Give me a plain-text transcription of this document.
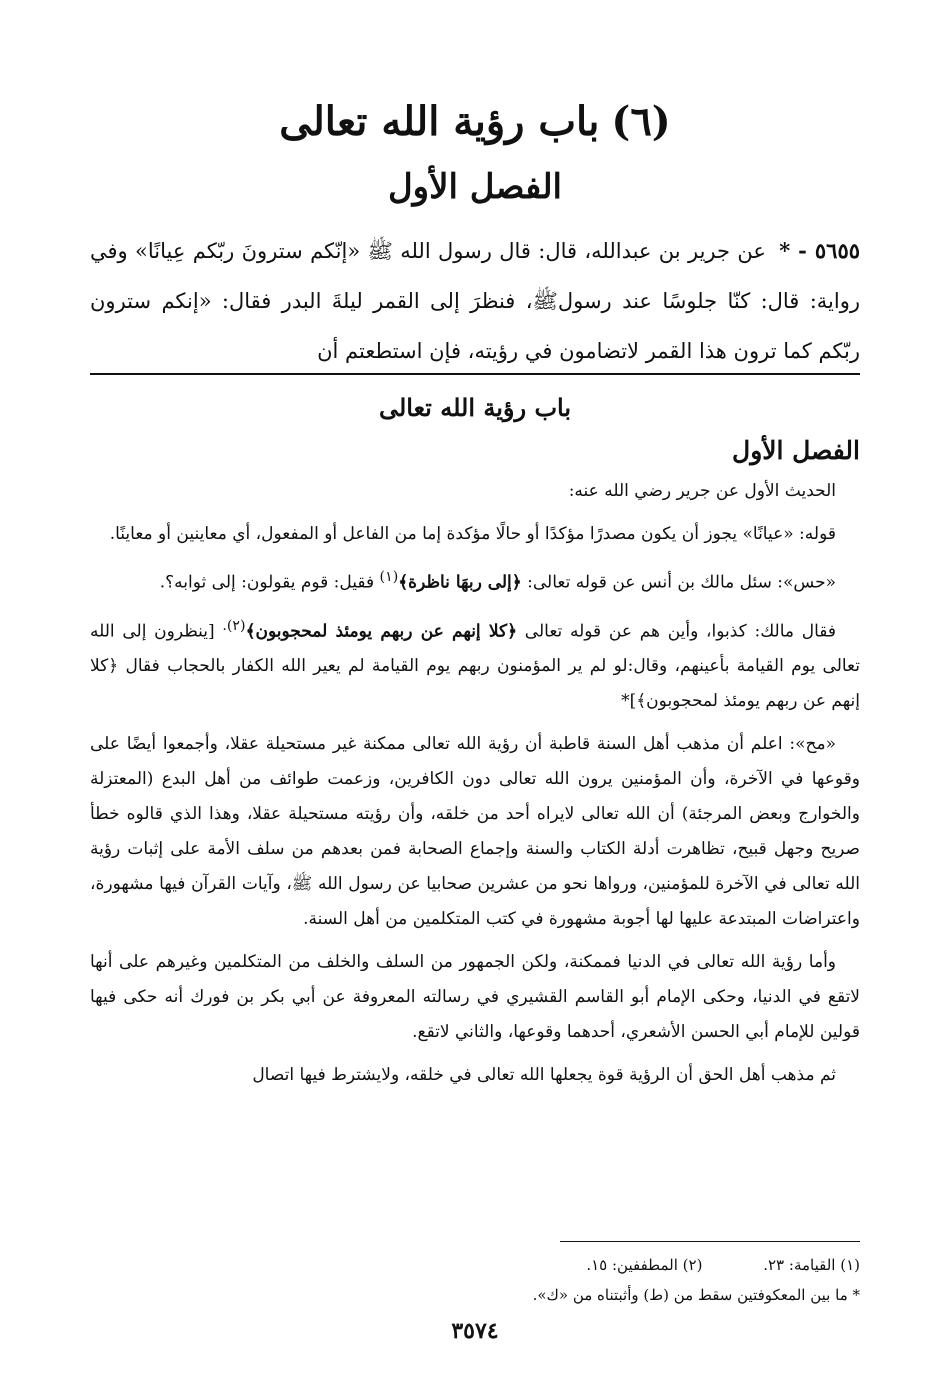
(٦)باب رؤية الله تعالى
الفصل الأول
٥٦٥٥ - * عن جرير بن عبدالله، قال: قال رسول الله ﷺ «إنّكم سترونَ ربّكم عِيانًا» وفي رواية: قال: كنّا جلوسًا عند رسولﷺ، فنظرَ إلى القمر ليلةَ البدر فقال: «إنكم سترون ربّكم كما ترون هذا القمر لاتضامون في رؤيته، فإن استطعتم أن
باب رؤية الله تعالى
الفصل الأول

الحديث الأول عن جرير رضي الله عنه:

قوله: «عيانًا» يجوز أن يكون مصدرًا مؤكدًا أو حالًا مؤكدة إما من الفاعل أو المفعول، أي معاينين أو معاينًا.

«حس»: سئل مالك بن أنس عن قوله تعالى: ﴿إلى ربهَا ناظرة﴾$^{(١)}$ فقيل: قوم يقولون: إلى ثوابه؟.

فقال مالك: كذبوا، وأين هم عن قوله تعالى ﴿كلا إنهم عن ربهم يومئذ لمحجوبون﴾$^{(٢).}$ [ينظرون إلى الله تعالى يوم القيامة بأعينهم، وقال:لو لم ير المؤمنون ربهم يوم القيامة لم يعير الله الكفار بالحجاب فقال ﴿كلا إنهم عن ربهم يومئذ لمحجوبون﴾]*

«مح»: اعلم أن مذهب أهل السنة قاطبة أن رؤية الله تعالى ممكنة غير مستحيلة عقلا، وأجمعوا أيضًا على وقوعها في الآخرة، وأن المؤمنين يرون الله تعالى دون الكافرين، وزعمت طوائف من أهل البدع (المعتزلة والخوارج وبعض المرجئة) أن الله تعالى لايراه أحد من خلقه، وأن رؤيته مستحيلة عقلا، وهذا الذي قالوه خطأ صريح وجهل قبيح، تظاهرت أدلة الكتاب والسنة وإجماع الصحابة فمن بعدهم من سلف الأمة على إثبات رؤية الله تعالى في الآخرة للمؤمنين، ورواها نحو من عشرين صحابيا عن رسول الله ﷺ، وآيات القرآن فيها مشهورة، واعتراضات المبتدعة عليها لها أجوبة مشهورة في كتب المتكلمين من أهل السنة.

وأما رؤية الله تعالى في الدنيا فممكنة، ولكن الجمهور من السلف والخلف من المتكلمين وغيرهم على أنها لاتقع في الدنيا، وحكى الإمام أبو القاسم القشيري في رسالته المعروفة عن أبي بكر بن فورك أنه حكى فيها قولين للإمام أبي الحسن الأشعري، أحدهما وقوعها، والثاني لاتقع.

ثم مذهب أهل الحق أن الرؤية قوة يجعلها الله تعالى في خلقه، ولايشترط فيها اتصال

(١) القيامة: ٢٣. (٢) المطففين: ١٥.
* ما بين المعكوفتين سقط من (ط) وأثبتناه من «ك».
٣٥٧٤
